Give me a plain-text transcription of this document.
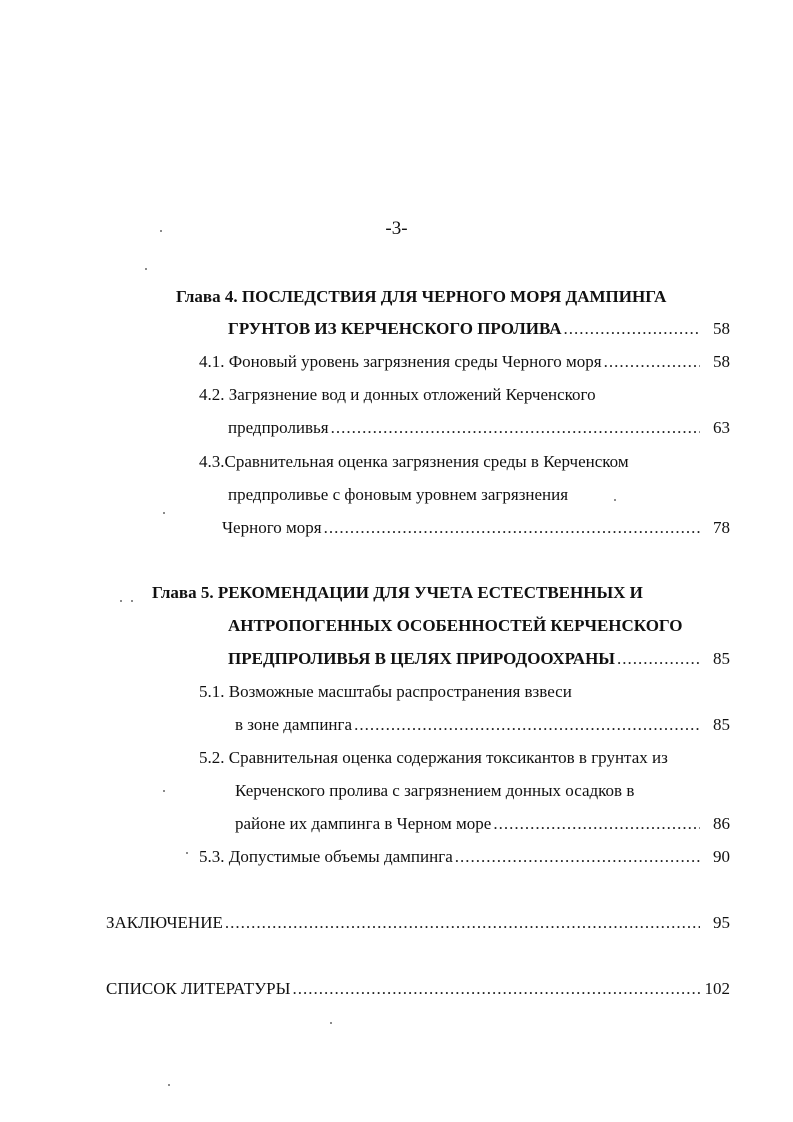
-3-
Глава 4. ПОСЛЕДСТВИЯ ДЛЯ ЧЕРНОГО МОРЯ ДАМПИНГА
ГРУНТОВ ИЗ КЕРЧЕНСКОГО ПРОЛИВА .....	58
4.1. Фоновый уровень загрязнения среды Черного моря .....	58
4.2. Загрязнение вод и донных отложений Керченского
предпроливья .....	63
4.3.Сравнительная оценка загрязнения среды в Керченском
предпроливье с фоновым уровнем загрязнения
Черного моря .....	78
Глава 5. РЕКОМЕНДАЦИИ ДЛЯ УЧЕТА ЕСТЕСТВЕННЫХ И
АНТРОПОГЕННЫХ ОСОБЕННОСТЕЙ КЕРЧЕНСКОГО
ПРЕДПРОЛИВЬЯ В ЦЕЛЯХ ПРИРОДООХРАНЫ .....	85
5.1. Возможные масштабы распространения взвеси
в зоне дампинга .....	85
5.2. Сравнительная оценка содержания токсикантов в грунтах из
Керченского пролива с загрязнением донных осадков в
районе их дампинга в Черном море .....	86
5.3. Допустимые объемы дампинга .....	90
ЗАКЛЮЧЕНИЕ .....	95
СПИСОК ЛИТЕРАТУРЫ .....	102
